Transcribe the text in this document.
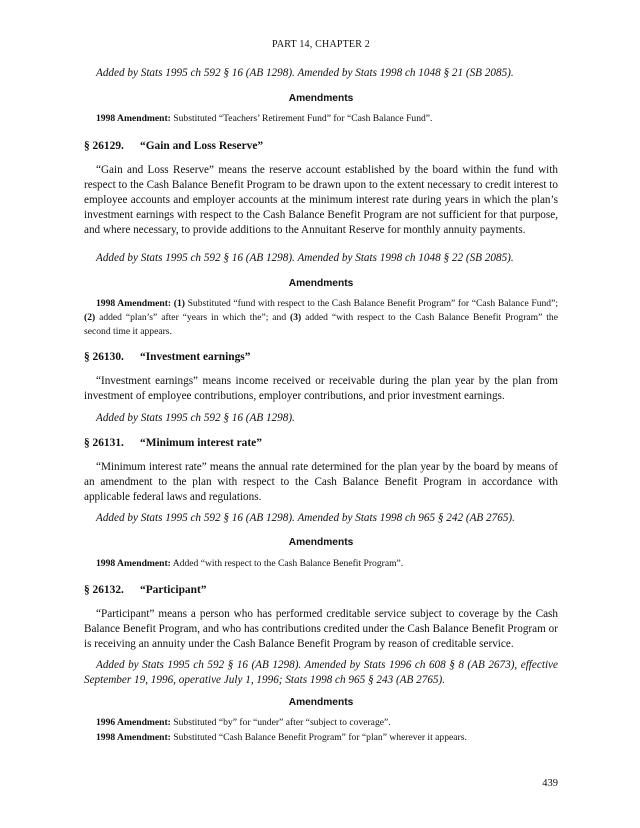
PART 14, CHAPTER 2

Added by Stats 1995 ch 592 § 16 (AB 1298). Amended by Stats 1998 ch 1048 § 21 (SB 2085).

Amendments

1998 Amendment: Substituted “Teachers’ Retirement Fund” for “Cash Balance Fund”.

§ 26129. “Gain and Loss Reserve”

“Gain and Loss Reserve” means the reserve account established by the board within the fund with respect to the Cash Balance Benefit Program to be drawn upon to the extent necessary to credit interest to employee accounts and employer accounts at the minimum interest rate during years in which the plan’s investment earnings with respect to the Cash Balance Benefit Program are not sufficient for that purpose, and where necessary, to provide additions to the Annuitant Reserve for monthly annuity payments.

Added by Stats 1995 ch 592 § 16 (AB 1298). Amended by Stats 1998 ch 1048 § 22 (SB 2085).

Amendments

1998 Amendment: (1) Substituted “fund with respect to the Cash Balance Benefit Program” for “Cash Balance Fund”; (2) added “plan’s” after “years in which the”; and (3) added “with respect to the Cash Balance Benefit Program” the second time it appears.

§ 26130. “Investment earnings”

“Investment earnings” means income received or receivable during the plan year by the plan from investment of employee contributions, employer contributions, and prior investment earnings.

Added by Stats 1995 ch 592 § 16 (AB 1298).

§ 26131. “Minimum interest rate”

“Minimum interest rate” means the annual rate determined for the plan year by the board by means of an amendment to the plan with respect to the Cash Balance Benefit Program in accordance with applicable federal laws and regulations.

Added by Stats 1995 ch 592 § 16 (AB 1298). Amended by Stats 1998 ch 965 § 242 (AB 2765).

Amendments

1998 Amendment: Added “with respect to the Cash Balance Benefit Program”.

§ 26132. “Participant”

“Participant” means a person who has performed creditable service subject to coverage by the Cash Balance Benefit Program, and who has contributions credited under the Cash Balance Benefit Program or is receiving an annuity under the Cash Balance Benefit Program by reason of creditable service.

Added by Stats 1995 ch 592 § 16 (AB 1298). Amended by Stats 1996 ch 608 § 8 (AB 2673), effective September 19, 1996, operative July 1, 1996; Stats 1998 ch 965 § 243 (AB 2765).

Amendments

1996 Amendment: Substituted “by” for “under” after “subject to coverage”.

1998 Amendment: Substituted “Cash Balance Benefit Program” for “plan” wherever it appears.

439
